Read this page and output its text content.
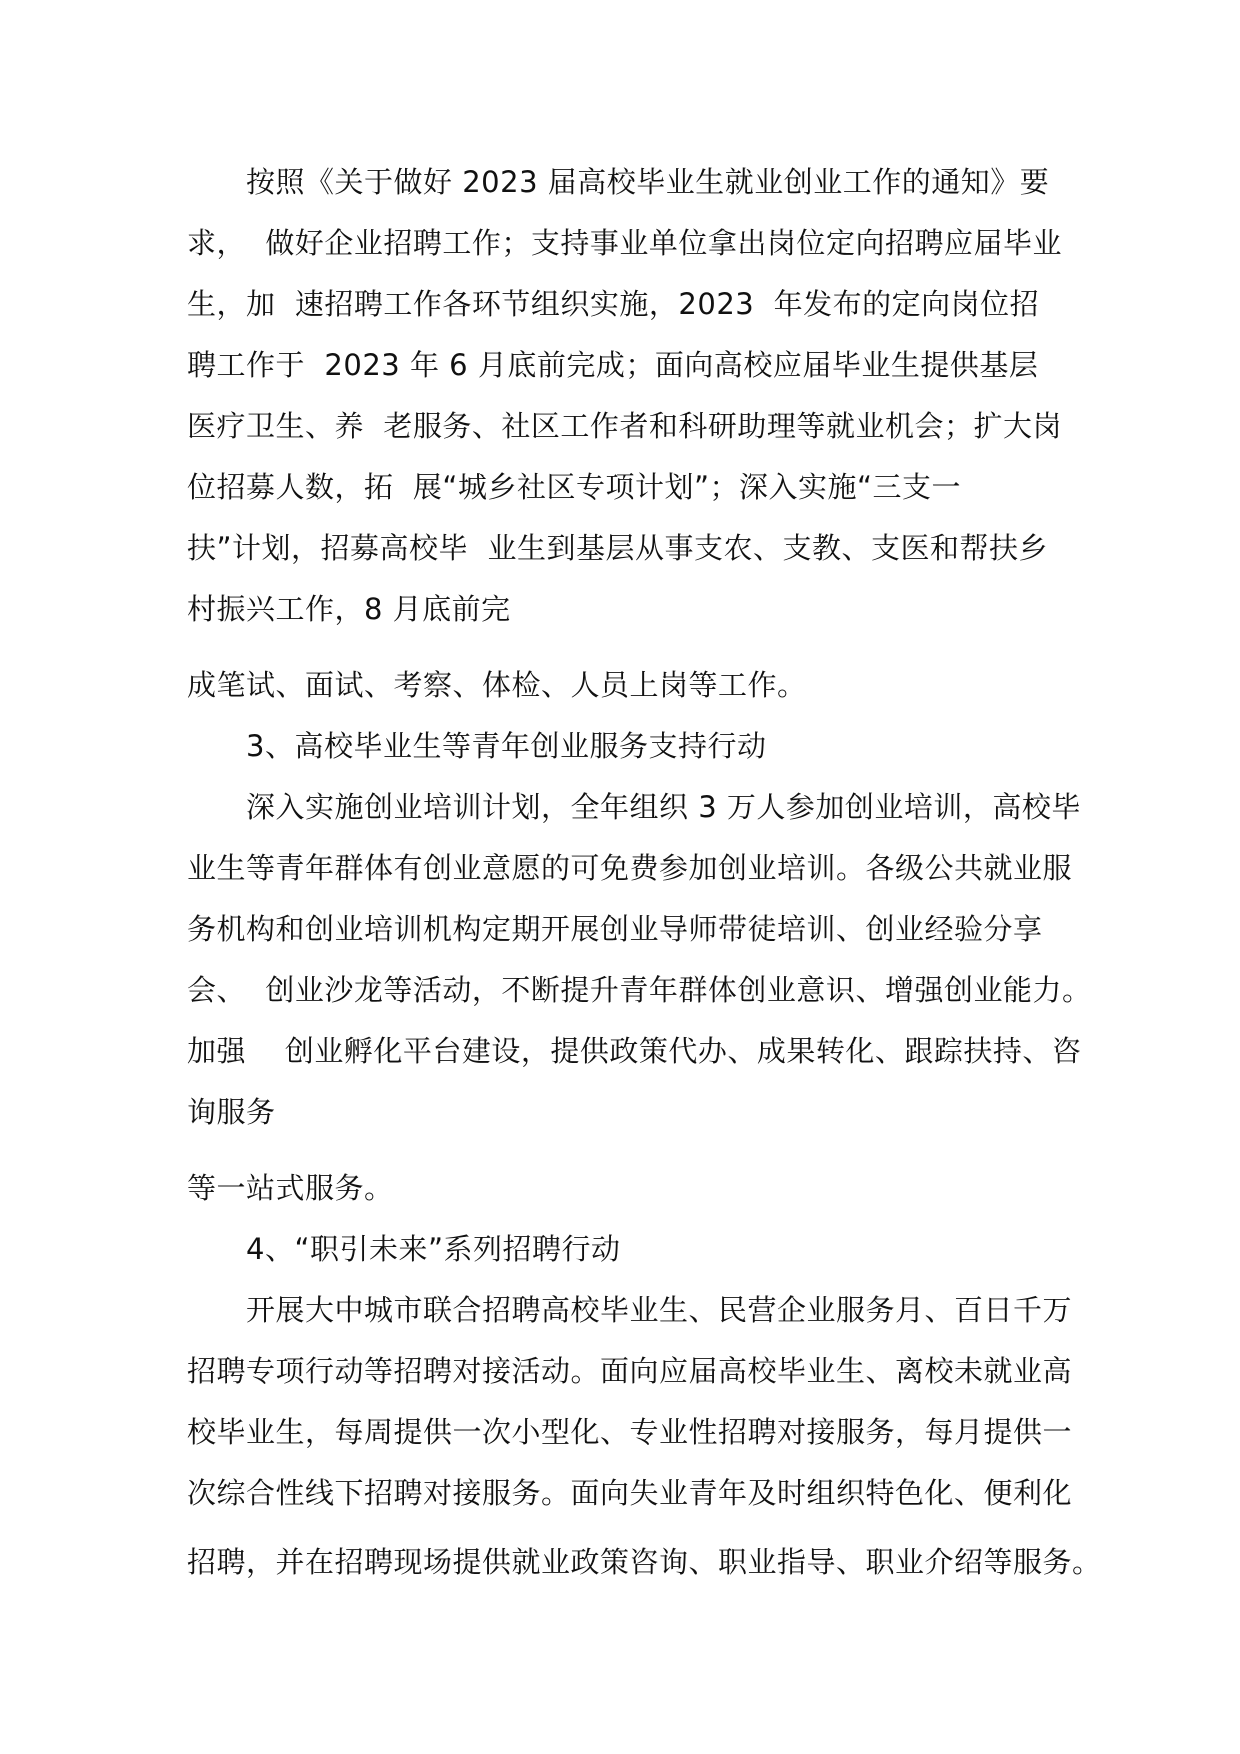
按照《关于做好 2023 届高校毕业生就业创业工作的通知》要
求，  做好企业招聘工作；支持事业单位拿出岗位定向招聘应届毕业
生，加  速招聘工作各环节组织实施，2023  年发布的定向岗位招
聘工作于  2023 年 6 月底前完成；面向高校应届毕业生提供基层
医疗卫生、养  老服务、社区工作者和科研助理等就业机会；扩大岗
位招募人数，拓  展“城乡社区专项计划”；深入实施“三支一
扶”计划，招募高校毕  业生到基层从事支农、支教、支医和帮扶乡
村振兴工作，8 月底前完
成笔试、面试、考察、体检、人员上岗等工作。
3、高校毕业生等青年创业服务支持行动
深入实施创业培训计划，全年组织 3 万人参加创业培训，高校毕
业生等青年群体有创业意愿的可免费参加创业培训。各级公共就业服
务机构和创业培训机构定期开展创业导师带徒培训、创业经验分享
会、  创业沙龙等活动，不断提升青年群体创业意识、增强创业能力。
加强    创业孵化平台建设，提供政策代办、成果转化、跟踪扶持、咨
询服务
等一站式服务。
4、“职引未来”系列招聘行动
开展大中城市联合招聘高校毕业生、民营企业服务月、百日千万
招聘专项行动等招聘对接活动。面向应届高校毕业生、离校未就业高
校毕业生，每周提供一次小型化、专业性招聘对接服务，每月提供一
次综合性线下招聘对接服务。面向失业青年及时组织特色化、便利化
招聘，并在招聘现场提供就业政策咨询、职业指导、职业介绍等服务。
